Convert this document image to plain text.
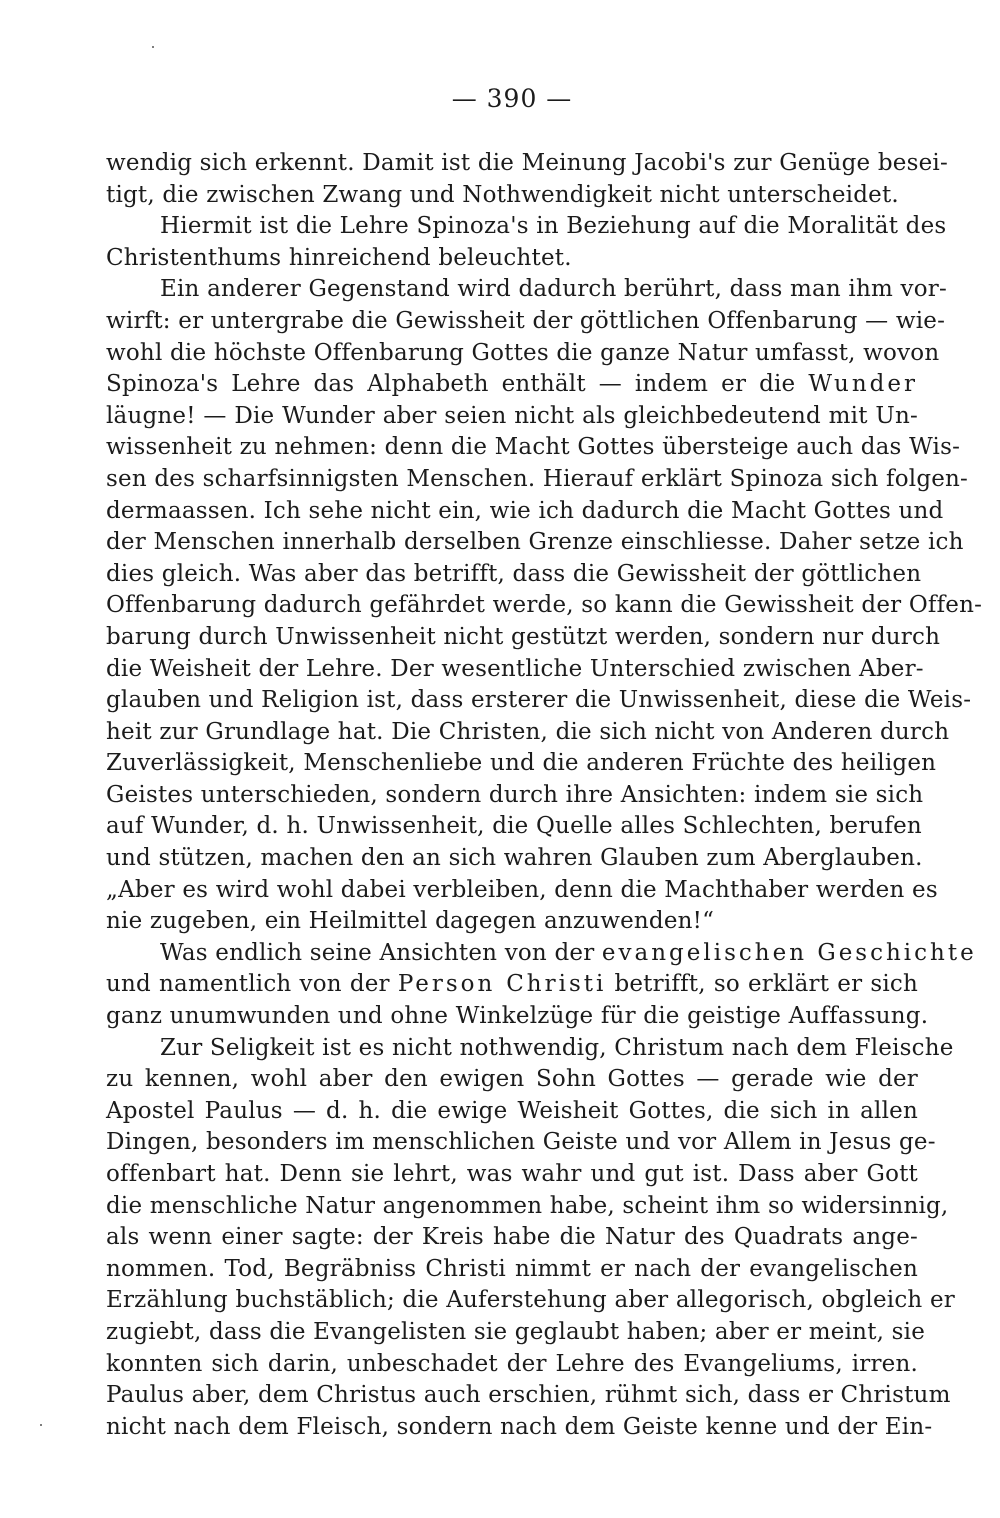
— 390 —
wendig sich erkennt. Damit ist die Meinung Jacobi's zur Genüge besei-
tigt, die zwischen Zwang und Nothwendigkeit nicht unterscheidet.
Hiermit ist die Lehre Spinoza's in Beziehung auf die Moralität des
Christenthums hinreichend beleuchtet.
Ein anderer Gegenstand wird dadurch berührt, dass man ihm vor-
wirft: er untergrabe die Gewissheit der göttlichen Offenbarung — wie-
wohl die höchste Offenbarung Gottes die ganze Natur umfasst, wovon
Spinoza's Lehre das Alphabeth enthält — indem er die Wunder
läugne! — Die Wunder aber seien nicht als gleichbedeutend mit Un-
wissenheit zu nehmen: denn die Macht Gottes übersteige auch das Wis-
sen des scharfsinnigsten Menschen. Hierauf erklärt Spinoza sich folgen-
dermaassen. Ich sehe nicht ein, wie ich dadurch die Macht Gottes und
der Menschen innerhalb derselben Grenze einschliesse. Daher setze ich
dies gleich. Was aber das betrifft, dass die Gewissheit der göttlichen
Offenbarung dadurch gefährdet werde, so kann die Gewissheit der Offen-
barung durch Unwissenheit nicht gestützt werden, sondern nur durch
die Weisheit der Lehre. Der wesentliche Unterschied zwischen Aber-
glauben und Religion ist, dass ersterer die Unwissenheit, diese die Weis-
heit zur Grundlage hat. Die Christen, die sich nicht von Anderen durch
Zuverlässigkeit, Menschenliebe und die anderen Früchte des heiligen
Geistes unterschieden, sondern durch ihre Ansichten: indem sie sich
auf Wunder, d. h. Unwissenheit, die Quelle alles Schlechten, berufen
und stützen, machen den an sich wahren Glauben zum Aberglauben.
„Aber es wird wohl dabei verbleiben, denn die Machthaber werden es
nie zugeben, ein Heilmittel dagegen anzuwenden!“
Was endlich seine Ansichten von der evangelischen Geschichte
und namentlich von der Person Christi betrifft, so erklärt er sich
ganz unumwunden und ohne Winkelzüge für die geistige Auffassung.
Zur Seligkeit ist es nicht nothwendig, Christum nach dem Fleische
zu kennen, wohl aber den ewigen Sohn Gottes — gerade wie der
Apostel Paulus — d. h. die ewige Weisheit Gottes, die sich in allen
Dingen, besonders im menschlichen Geiste und vor Allem in Jesus ge-
offenbart hat. Denn sie lehrt, was wahr und gut ist. Dass aber Gott
die menschliche Natur angenommen habe, scheint ihm so widersinnig,
als wenn einer sagte: der Kreis habe die Natur des Quadrats ange-
nommen. Tod, Begräbniss Christi nimmt er nach der evangelischen
Erzählung buchstäblich; die Auferstehung aber allegorisch, obgleich er
zugiebt, dass die Evangelisten sie geglaubt haben; aber er meint, sie
konnten sich darin, unbeschadet der Lehre des Evangeliums, irren.
Paulus aber, dem Christus auch erschien, rühmt sich, dass er Christum
nicht nach dem Fleisch, sondern nach dem Geiste kenne und der Ein-
